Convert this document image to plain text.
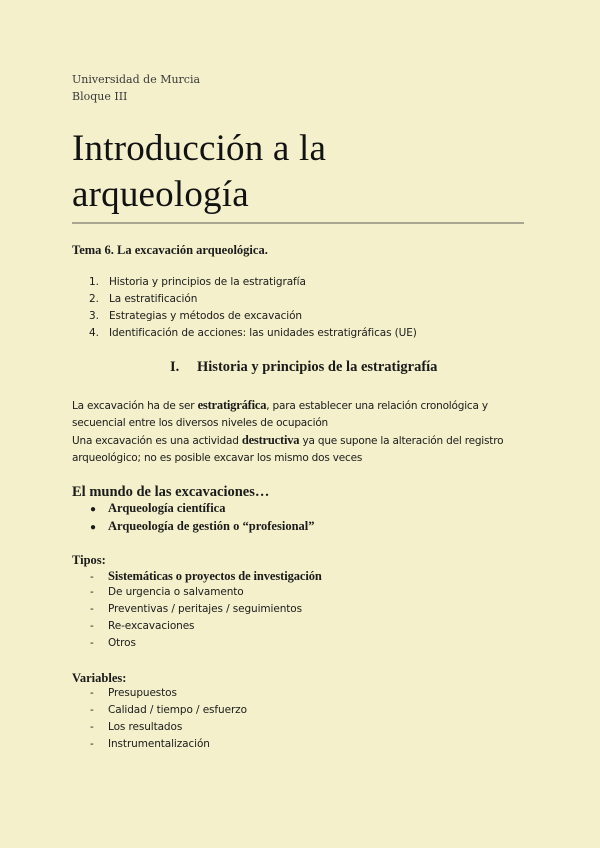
Universidad de Murcia
Bloque III
Introducción a la
arqueología
Tema 6. La excavación arqueológica.
1. Historia y principios de la estratigrafía
2. La estratificación
3. Estrategias y métodos de excavación
4. Identificación de acciones: las unidades estratigráficas (UE)
I. Historia y principios de la estratigrafía

La excavación ha de ser estratigráfica, para establecer una relación cronológica y secuencial entre los diversos niveles de ocupación

Una excavación es una actividad destructiva ya que supone la alteración del registro arqueológico; no es posible excavar los mismo dos veces

El mundo de las excavaciones…
● Arqueología científica
● Arqueología de gestión o “profesional”
Tipos:
- Sistemáticas o proyectos de investigación
- De urgencia o salvamento
- Preventivas / peritajes / seguimientos
- Re-excavaciones
- Otros
Variables:
- Presupuestos
- Calidad / tiempo / esfuerzo
- Los resultados
- Instrumentalización
